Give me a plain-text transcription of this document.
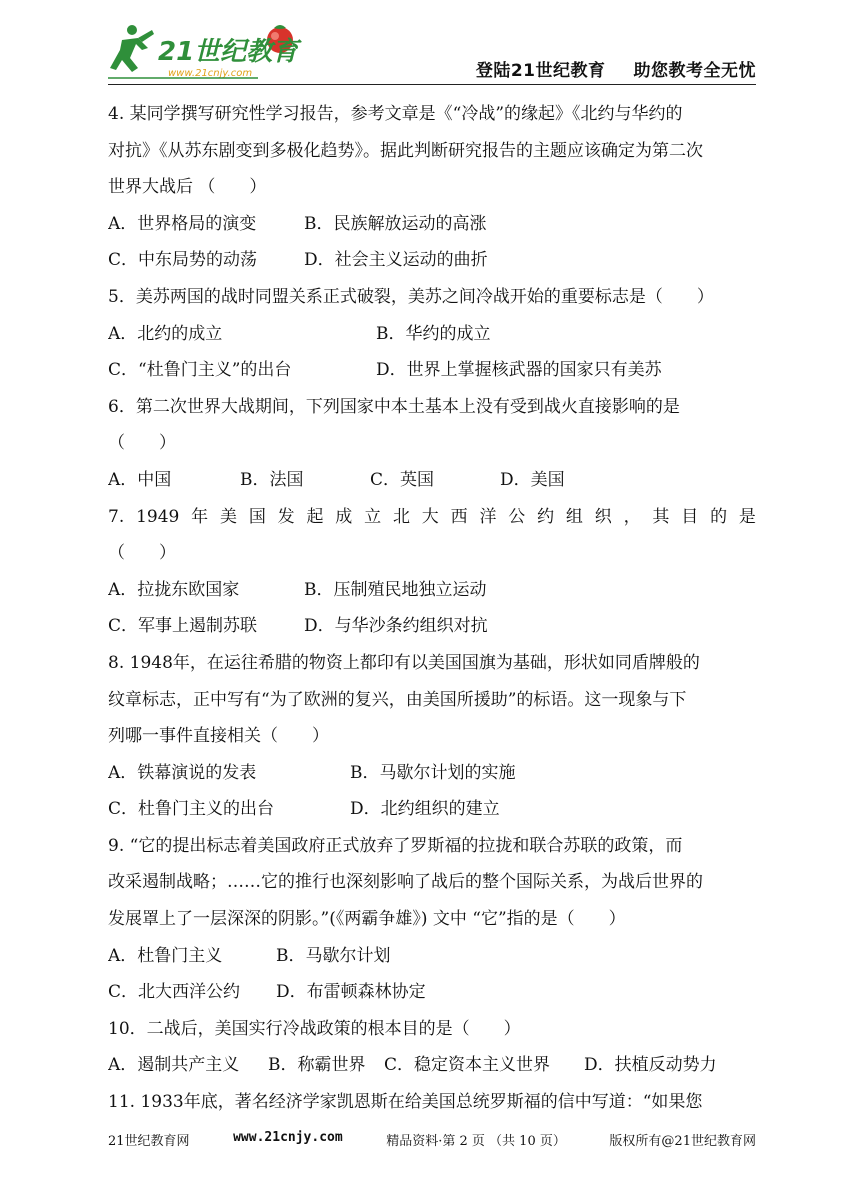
21世纪教育
www.21cnjy.com	登陆21世纪教育 助您教考全无忧
4. 某同学撰写研究性学习报告，参考文章是《“冷战”的缘起》《北约与华约的
对抗》《从苏东剧变到多极化趋势》。据此判断研究报告的主题应该确定为第二次
世界大战后 （　　）
A．世界格局的演变	B．民族解放运动的高涨
C．中东局势的动荡	D．社会主义运动的曲折
5．美苏两国的战时同盟关系正式破裂，美苏之间冷战开始的重要标志是（　　）
A．北约的成立	B．华约的成立
C．“杜鲁门主义”的出台	D．世界上掌握核武器的国家只有美苏
6．第二次世界大战期间，下列国家中本土基本上没有受到战火直接影响的是
（　　）
A．中国	B．法国	C．英国	D．美国
7. 1949 年 美 国 发 起 成 立 北 大 西 洋 公 约 组 织 ， 其 目 的 是
（　　）
A．拉拢东欧国家	B．压制殖民地独立运动
C．军事上遏制苏联	D．与华沙条约组织对抗
8. 1948年，在运往希腊的物资上都印有以美国国旗为基础，形状如同盾牌般的
纹章标志，正中写有“为了欧洲的复兴，由美国所援助”的标语。这一现象与下
列哪一事件直接相关（　　）
A．铁幕演说的发表	B．马歇尔计划的实施
C．杜鲁门主义的出台	D．北约组织的建立
9. “它的提出标志着美国政府正式放弃了罗斯福的拉拢和联合苏联的政策，而
改采遏制战略；……它的推行也深刻影响了战后的整个国际关系，为战后世界的
发展罩上了一层深深的阴影。”(《两霸争雄》) 文中 “它”指的是（　　）
A．杜鲁门主义	B．马歇尔计划
C．北大西洋公约	D．布雷顿森林协定
10．二战后，美国实行冷战政策的根本目的是（　　）
A．遏制共产主义	B．称霸世界	C．稳定资本主义世界	D．扶植反动势力
11. 1933年底，著名经济学家凯恩斯在给美国总统罗斯福的信中写道：“如果您
21世纪教育网	www.21cnjy.com	精品资料·第 2 页 （共 10 页）	版权所有@21世纪教育网
